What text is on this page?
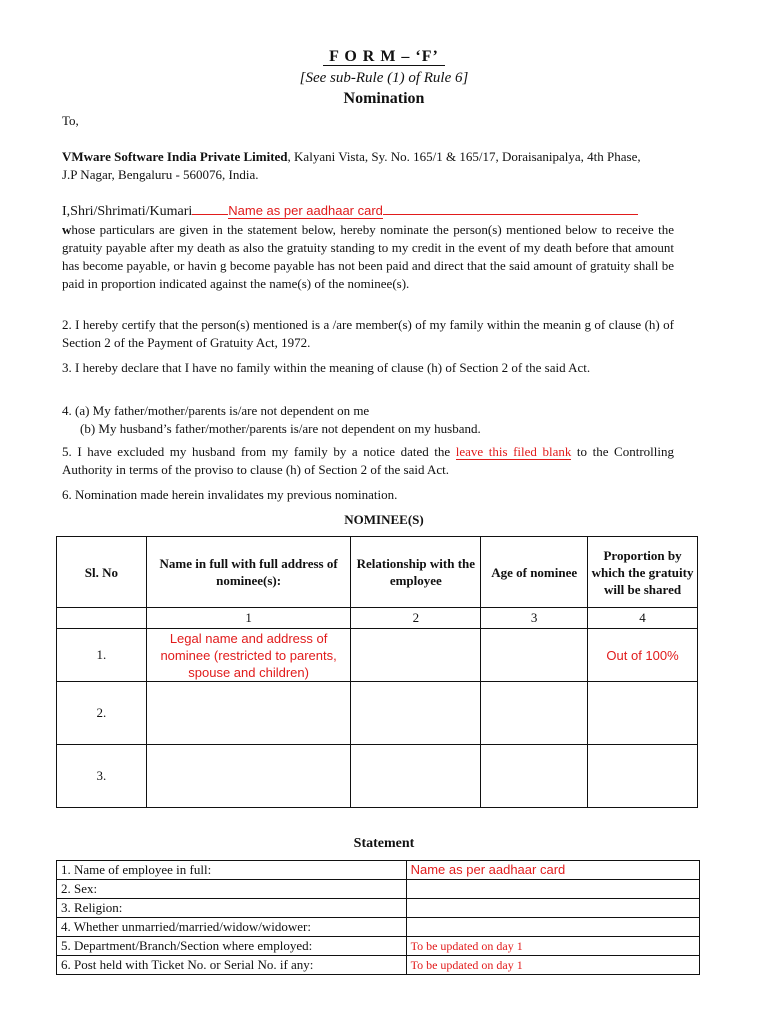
F O R M – ‘F’
[See sub-Rule (1) of Rule 6]
Nomination
To,
VMware Software India Private Limited, Kalyani Vista, Sy. No. 165/1 & 165/17, Doraisanipalya, 4th Phase,
J.P Nagar, Bengaluru - 560076, India.
I,Shri/Shrimati/Kumari	Name as per aadhaar card
whose particulars are given in the statement below, hereby nominate the person(s) mentioned below to receive the gratuity payable after my death as also the gratuity standing to my credit in the event of my death before that amount has become payable, or havin g become payable has not been paid and direct that the said amount of gratuity shall be paid in proportion indicated against the name(s) of the nominee(s).
2. I hereby certify that the person(s) mentioned is a /are member(s) of my family within the meanin g of clause (h) of Section 2 of the Payment of Gratuity Act, 1972.
3. I hereby declare that I have no family within the meaning of clause (h) of Section 2 of the said Act.
4. (a) My father/mother/parents is/are not dependent on me
(b) My husband’s father/mother/parents is/are not dependent on my husband.
5. I have excluded my husband from my family by a notice dated the leave this filed blank to the Controlling Authority in terms of the proviso to clause (h) of Section 2 of the said Act.
6. Nomination made herein invalidates my previous nomination.
NOMINEE(S)
Sl. No	Name in full with full address of nominee(s):	Relationship with the employee	Age of nominee	Proportion by which the gratuity will be shared
	1	2	3	4
1.	Legal name and address of nominee (restricted to parents, spouse and children)			Out of 100%
2.				
3.				
Statement
1. Name of employee in full:	Name as per aadhaar card
2. Sex:	
3. Religion:	
4. Whether unmarried/married/widow/widower:	
5. Department/Branch/Section where employed:	To be updated on day 1
6. Post held with Ticket No. or Serial No. if any:	To be updated on day 1
